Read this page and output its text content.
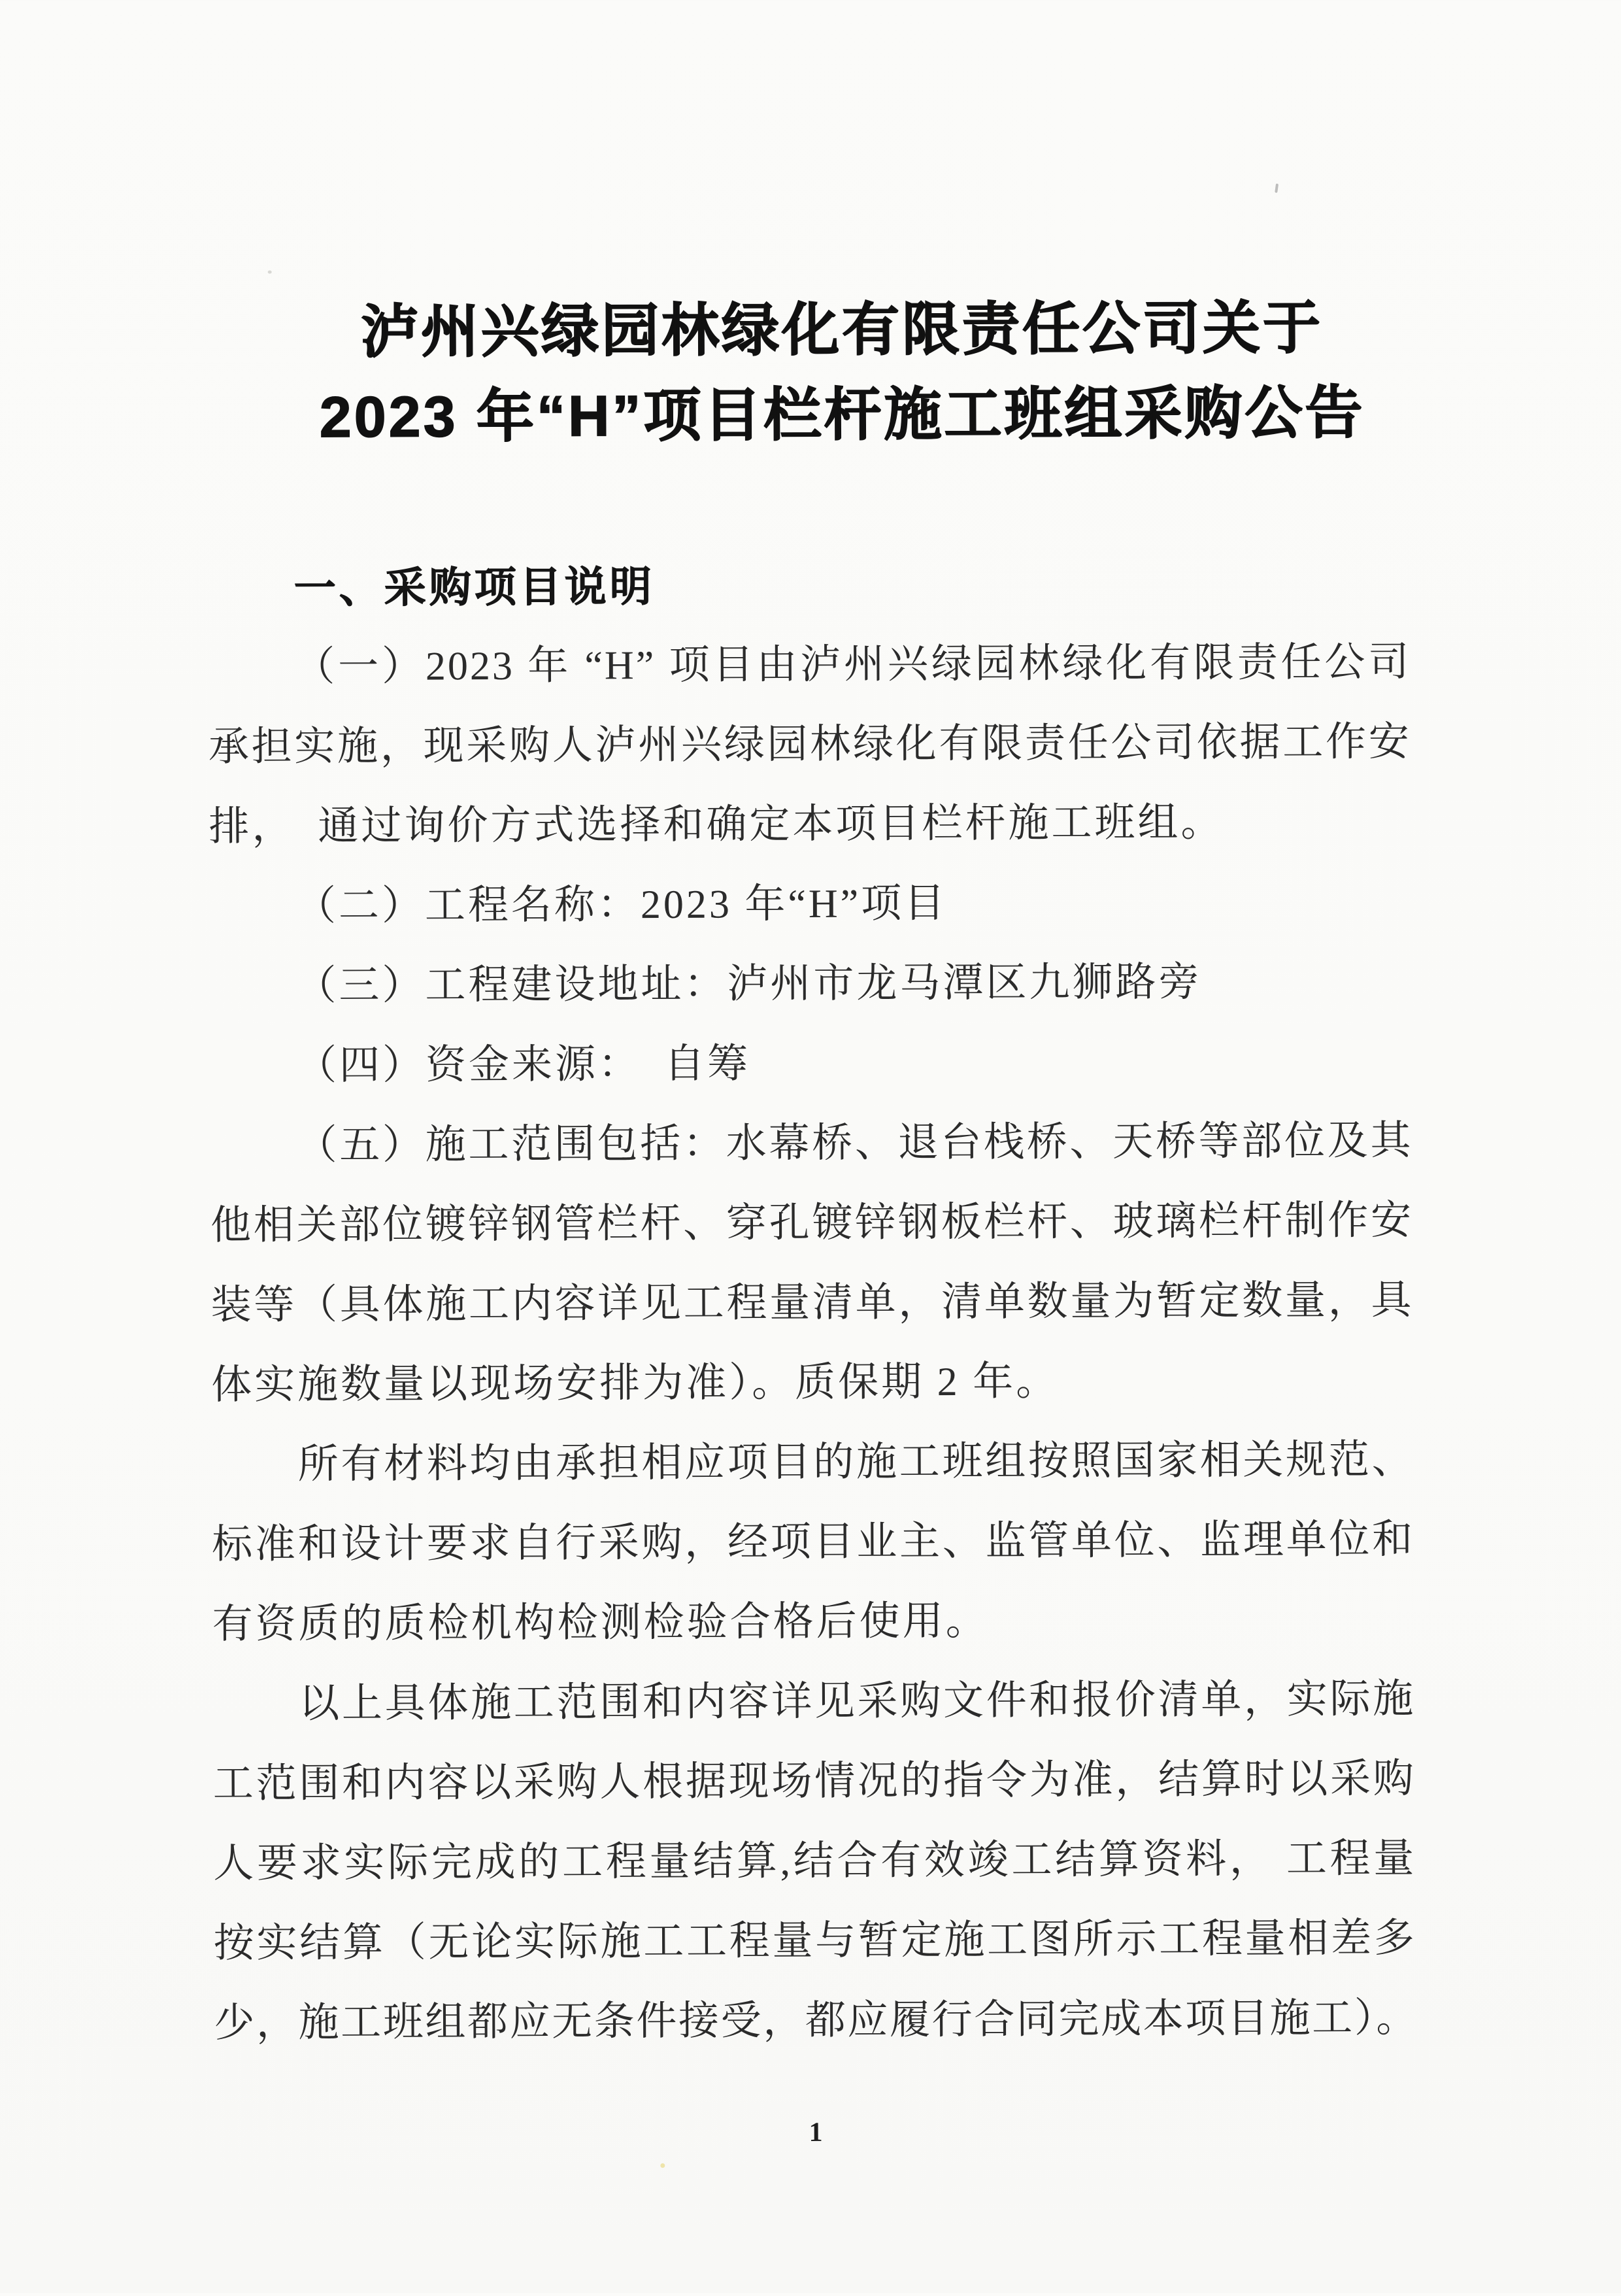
泸州兴绿园林绿化有限责任公司关于
2023 年“H”项目栏杆施工班组采购公告
一、采购项目说明
（一）2023 年 “H” 项目由泸州兴绿园林绿化有限责任公司
承担实施，现采购人泸州兴绿园林绿化有限责任公司依据工作安
排，　通过询价方式选择和确定本项目栏杆施工班组。
（二）工程名称：2023 年“H”项目
（三）工程建设地址：泸州市龙马潭区九狮路旁
（四）资金来源： 自筹
（五）施工范围包括：水幕桥、退台栈桥、天桥等部位及其
他相关部位镀锌钢管栏杆、穿孔镀锌钢板栏杆、玻璃栏杆制作安
装等（具体施工内容详见工程量清单，清单数量为暂定数量，具
体实施数量以现场安排为准）。质保期 2 年。
所有材料均由承担相应项目的施工班组按照国家相关规范、
标准和设计要求自行采购，经项目业主、监管单位、监理单位和
有资质的质检机构检测检验合格后使用。
以上具体施工范围和内容详见采购文件和报价清单，实际施
工范围和内容以采购人根据现场情况的指令为准，结算时以采购
人要求实际完成的工程量结算,结合有效竣工结算资料， 工程量
按实结算（无论实际施工工程量与暂定施工图所示工程量相差多
少，施工班组都应无条件接受，都应履行合同完成本项目施工）。
1
